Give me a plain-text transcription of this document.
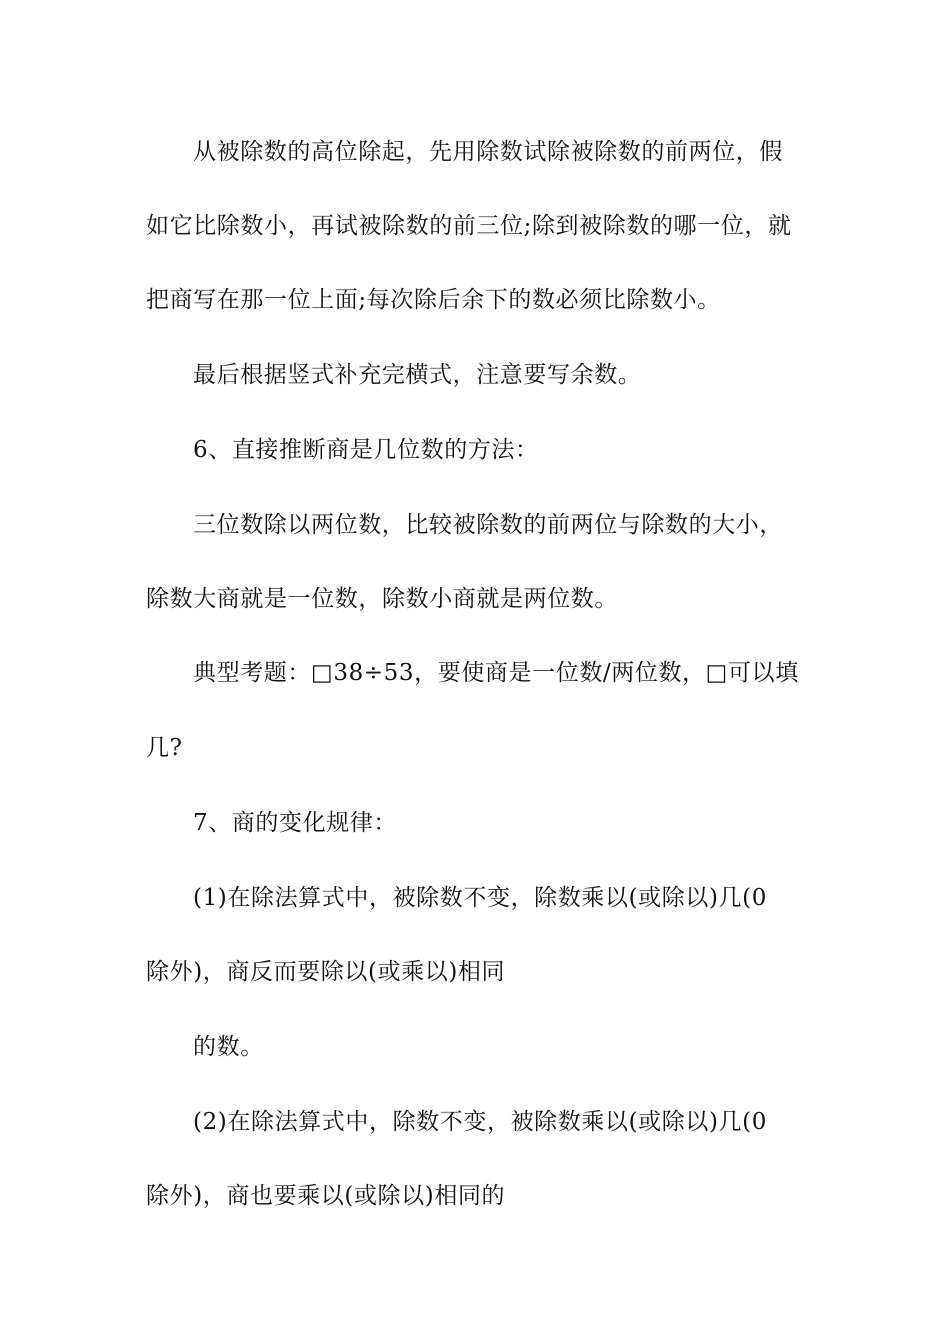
从被除数的高位除起，先用除数试除被除数的前两位，假
如它比除数小，再试被除数的前三位;除到被除数的哪一位，就
把商写在那一位上面;每次除后余下的数必须比除数小。
最后根据竖式补充完横式，注意要写余数。
6、直接推断商是几位数的方法：
三位数除以两位数，比较被除数的前两位与除数的大小，
除数大商就是一位数，除数小商就是两位数。
典型考题：□38÷53，要使商是一位数/两位数，□可以填
几?
7、商的变化规律：
(1)在除法算式中，被除数不变，除数乘以(或除以)几(0
除外)，商反而要除以(或乘以)相同
的数。
(2)在除法算式中，除数不变，被除数乘以(或除以)几(0
除外)，商也要乘以(或除以)相同的
